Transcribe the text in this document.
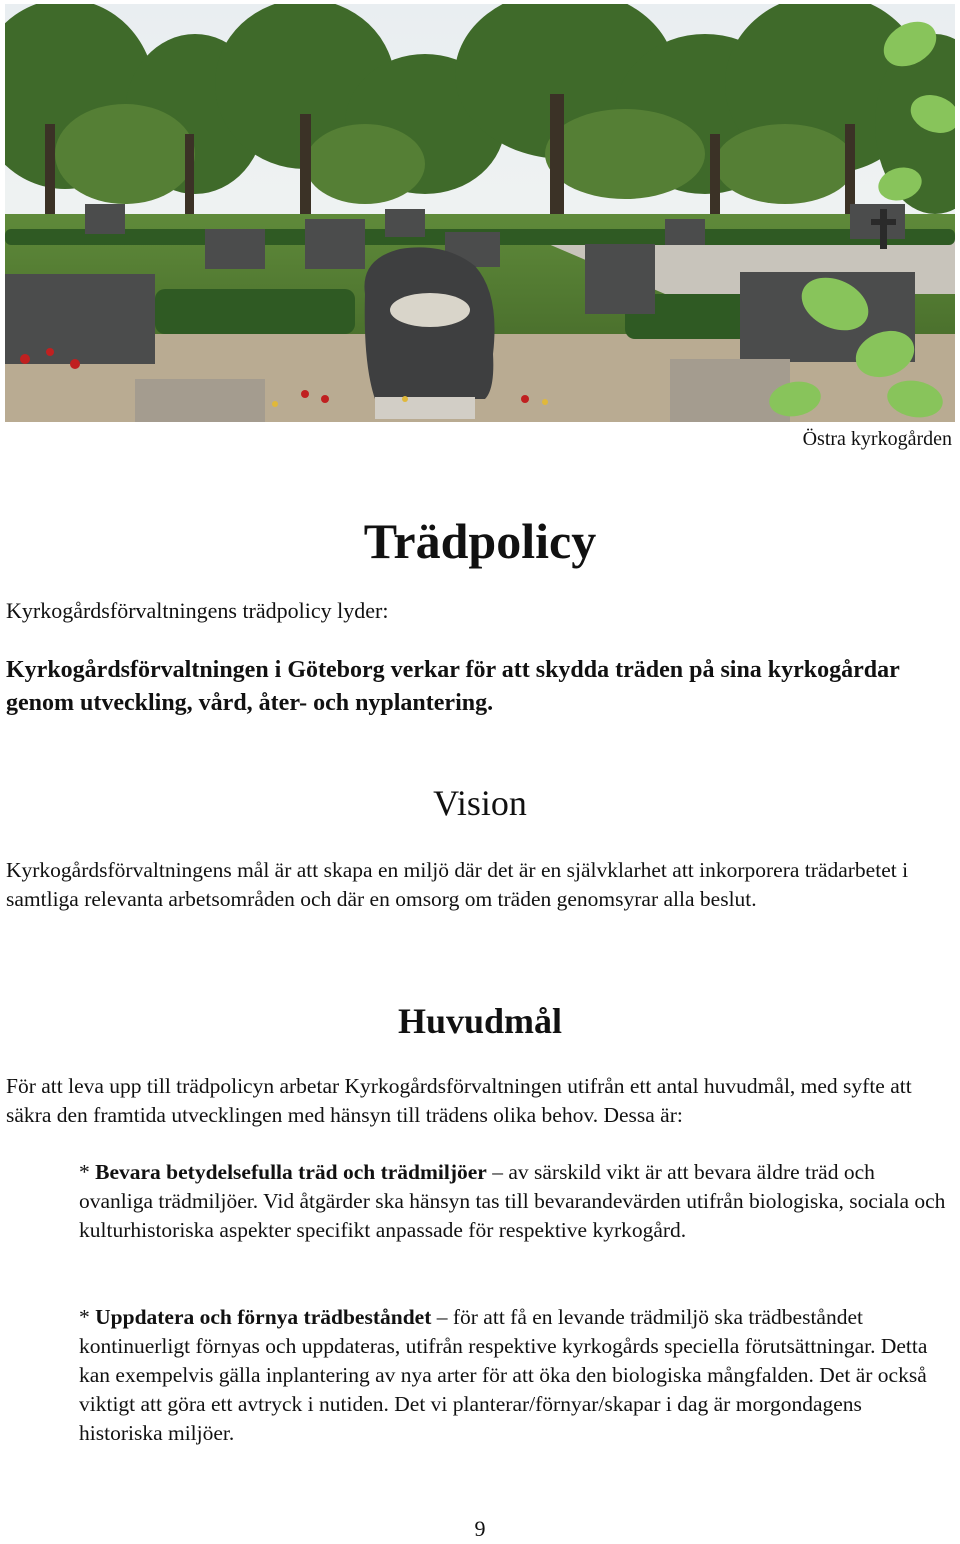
Östra kyrkogården
Trädpolicy
Kyrkogårdsförvaltningens trädpolicy lyder:
Kyrkogårdsförvaltningen i Göteborg verkar för att skydda träden på sina kyrkogårdar genom utveckling, vård, åter- och nyplantering.
Vision
Kyrkogårdsförvaltningens mål är att skapa en miljö där det är en självklarhet att inkorporera trädarbetet i samtliga relevanta arbetsområden och där en omsorg om träden genomsyrar alla beslut.
Huvudmål
För att leva upp till trädpolicyn arbetar Kyrkogårdsförvaltningen utifrån ett antal huvudmål, med syfte att säkra den framtida utvecklingen med hänsyn till trädens olika behov. Dessa är:
* Bevara betydelsefulla träd och trädmiljöer – av särskild vikt är att bevara äldre träd och ovanliga trädmiljöer. Vid åtgärder ska hänsyn tas till bevarandevärden utifrån biologiska, sociala och kulturhistoriska aspekter specifikt anpassade för respektive kyrkogård.
* Uppdatera och förnya trädbeståndet – för att få en levande trädmiljö ska trädbeståndet kontinuerligt förnyas och uppdateras, utifrån respektive kyrkogårds speciella förutsättningar. Detta kan exempelvis gälla inplantering av nya arter för att öka den biologiska mångfalden. Det är också viktigt att göra ett avtryck i nutiden. Det vi planterar/förnyar/skapar i dag är morgondagens historiska miljöer.
9
